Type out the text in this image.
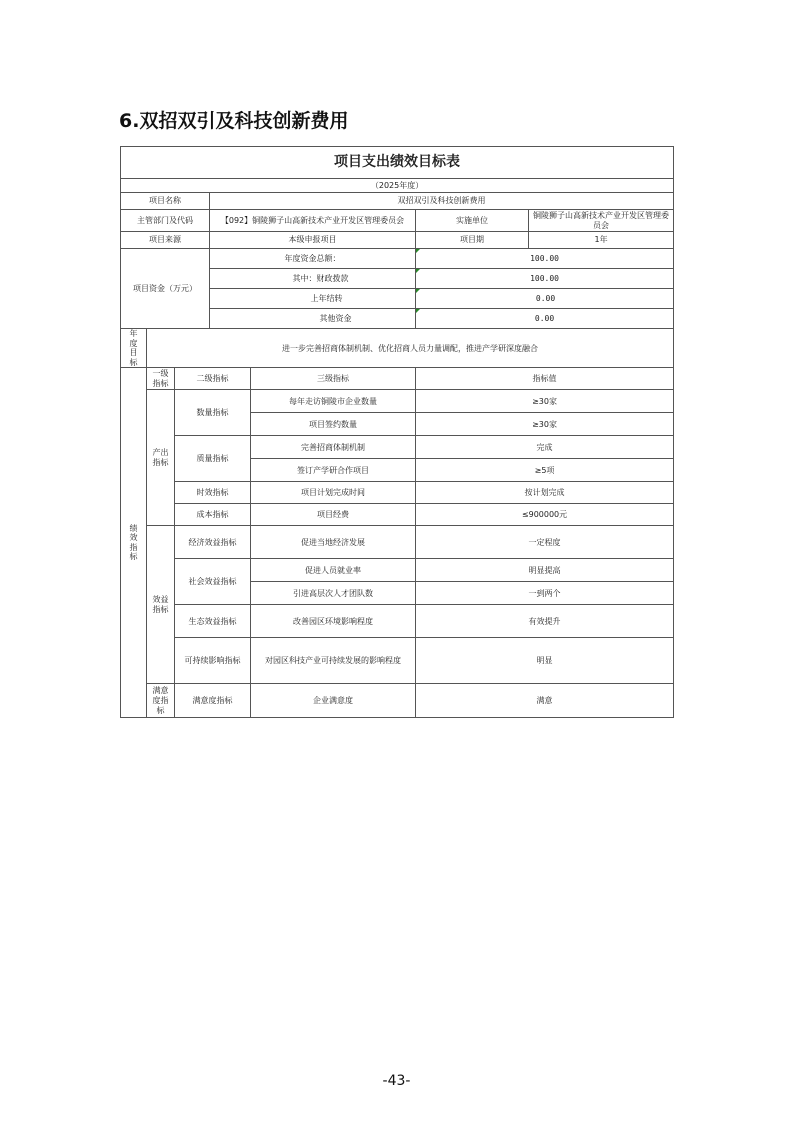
6.双招双引及科技创新费用
项目支出绩效目标表						
（2025年度）						
项目名称			双招双引及科技创新费用			
主管部门及代码			【092】铜陵狮子山高新技术产业开发区管理委员会		实施单位	铜陵狮子山高新技术产业开发区管理委员会
项目来源			本级申报项目		项目期	1年
项目资金（万元）			年度资金总额：		100.00	
			其中：财政拨款		100.00	
			上年结转		0.00	
			其他资金		0.00	
年度目标	进一步完善招商体制机制、优化招商人员力量调配，推进产学研深度融合					
绩效指标	一级指标	二级指标		三级指标	指标值	
	产出指标	数量指标		每年走访铜陵市企业数量	≥30家	
				项目签约数量	≥30家	
		质量指标		完善招商体制机制	完成	
				签订产学研合作项目	≥5项	
		时效指标		项目计划完成时间	按计划完成	
		成本指标		项目经费	≤900000元	
	效益指标	经济效益指标		促进当地经济发展	一定程度	
		社会效益指标		促进人员就业率	明显提高	
				引进高层次人才团队数	一到两个	
		生态效益指标		改善园区环境影响程度	有效提升	
		可持续影响指标		对园区科技产业可持续发展的影响程度	明显	
	满意度指标	满意度指标		企业满意度	满意	
-43-
